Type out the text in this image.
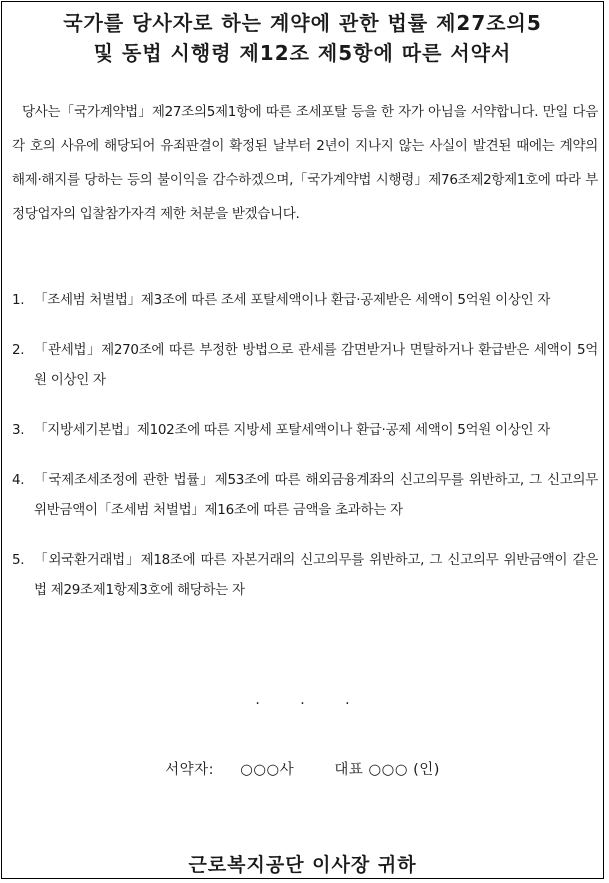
국가를 당사자로 하는 계약에 관한 법률 제27조의5
및 동법 시행령 제12조 제5항에 따른 서약서

당사는「국가계약법」제27조의5제1항에 따른 조세포탈 등을 한 자가 아님을 서약합니다. 만일 다음 각 호의 사유에 해당되어 유죄판결이 확정된 날부터 2년이 지나지 않는 사실이 발견된 때에는 계약의 해제·해지를 당하는 등의 불이익을 감수하겠으며,「국가계약법 시행령」제76조제2항제1호에 따라 부정당업자의 입찰참가자격 제한 처분을 받겠습니다.

1. 「조세범 처벌법」제3조에 따른 조세 포탈세액이나 환급·공제받은 세액이 5억원 이상인 자
2. 「관세법」제270조에 따른 부정한 방법으로 관세를 감면받거나 면탈하거나 환급받은 세액이 5억원 이상인 자
3. 「지방세기본법」제102조에 따른 지방세 포탈세액이나 환급·공제 세액이 5억원 이상인 자
4. 「국제조세조정에 관한 법률」제53조에 따른 해외금융계좌의 신고의무를 위반하고, 그 신고의무 위반금액이「조세범 처벌법」제16조에 따른 금액을 초과하는 자
5. 「외국환거래법」제18조에 따른 자본거래의 신고의무를 위반하고, 그 신고의무 위반금액이 같은 법 제29조제1항제3호에 해당하는 자
.	.	.
서약자: ○○○사	대표 ○○○ (인)
근로복지공단 이사장 귀하
